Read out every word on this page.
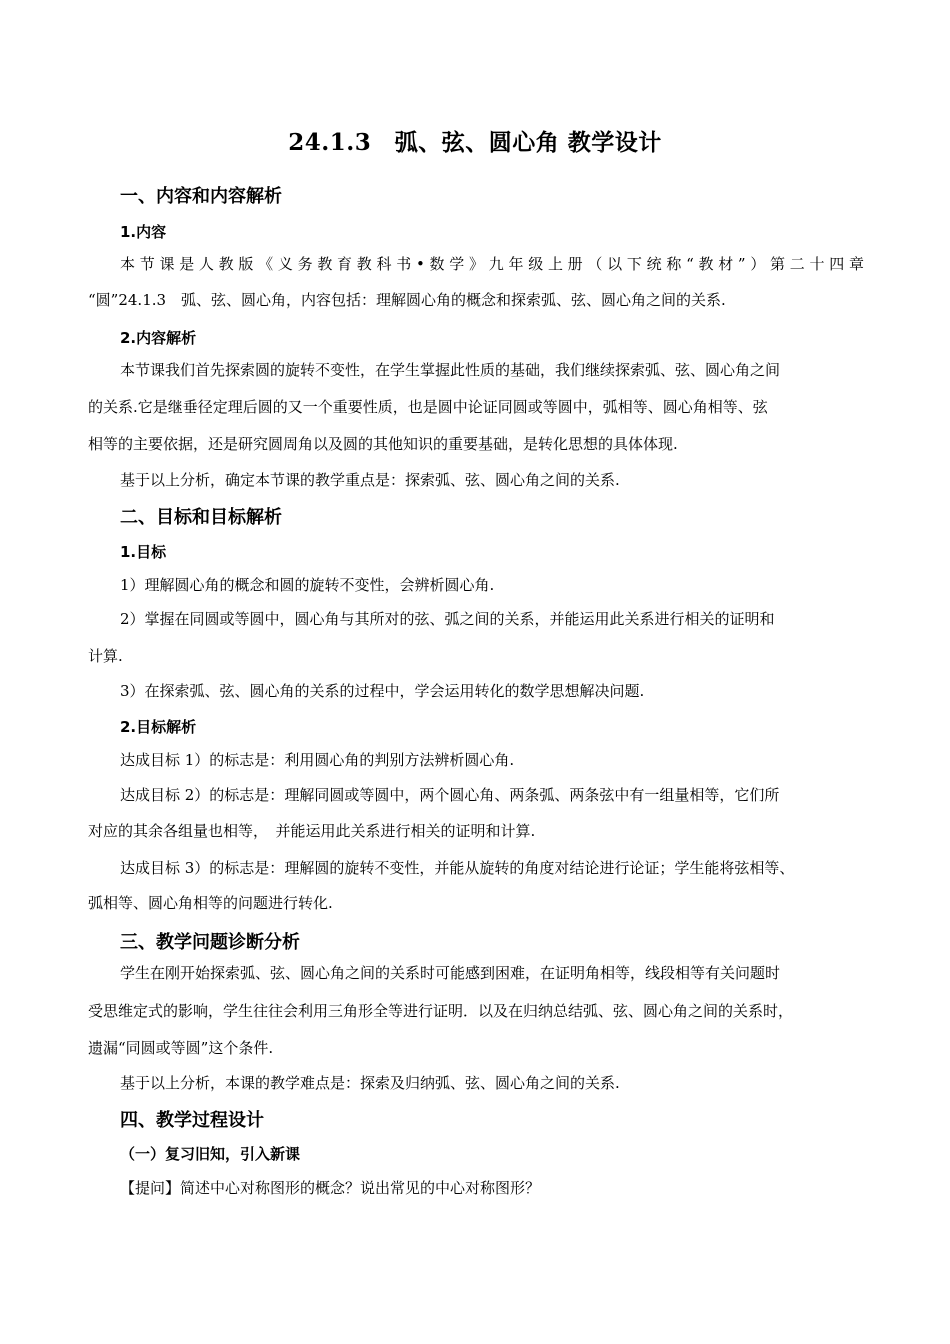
24.1.3　弧、弦、圆心角 教学设计
一、内容和内容解析
1.内容
本节课是人教版《义务教育教科书•数学》九年级上册（以下统称“教材”）第二十四章
“圆”24.1.3　弧、弦、圆心角，内容包括：理解圆心角的概念和探索弧、弦、圆心角之间的关系.
2.内容解析
本节课我们首先探索圆的旋转不变性，在学生掌握此性质的基础，我们继续探索弧、弦、圆心角之间
的关系.它是继垂径定理后圆的又一个重要性质，也是圆中论证同圆或等圆中，弧相等、圆心角相等、弦
相等的主要依据，还是研究圆周角以及圆的其他知识的重要基础，是转化思想的具体体现.
基于以上分析，确定本节课的教学重点是：探索弧、弦、圆心角之间的关系.
二、目标和目标解析
1.目标
1）理解圆心角的概念和圆的旋转不变性，会辨析圆心角.
2）掌握在同圆或等圆中，圆心角与其所对的弦、弧之间的关系，并能运用此关系进行相关的证明和
计算.
3）在探索弧、弦、圆心角的关系的过程中，学会运用转化的数学思想解决问题.
2.目标解析
达成目标 1）的标志是：利用圆心角的判别方法辨析圆心角.
达成目标 2）的标志是：理解同圆或等圆中，两个圆心角、两条弧、两条弦中有一组量相等，它们所
对应的其余各组量也相等，　并能运用此关系进行相关的证明和计算.
达成目标 3）的标志是：理解圆的旋转不变性，并能从旋转的角度对结论进行论证；学生能将弦相等、
弧相等、圆心角相等的问题进行转化.
三、教学问题诊断分析
学生在刚开始探索弧、弦、圆心角之间的关系时可能感到困难，在证明角相等，线段相等有关问题时
受思维定式的影响，学生往往会利用三角形全等进行证明．以及在归纳总结弧、弦、圆心角之间的关系时，
遗漏“同圆或等圆”这个条件.
基于以上分析，本课的教学难点是：探索及归纳弧、弦、圆心角之间的关系.
四、教学过程设计
（一）复习旧知，引入新课
【提问】简述中心对称图形的概念？说出常见的中心对称图形？
